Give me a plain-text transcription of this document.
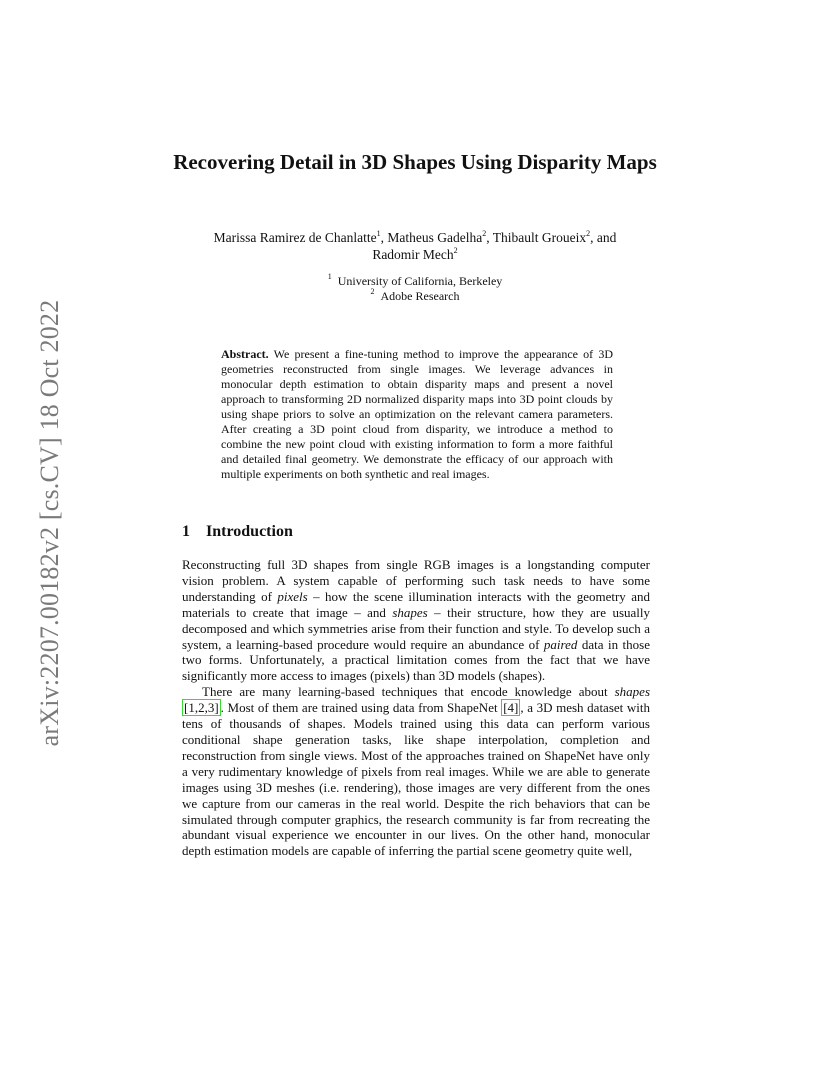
arXiv:2207.00182v2 [cs.CV] 18 Oct 2022
Recovering Detail in 3D Shapes Using Disparity Maps
Marissa Ramirez de Chanlatte$^1$, Matheus Gadelha$^2$, Thibault Groueix$^2$, and
Radomir Mech$^2$
$^1$ University of California, Berkeley
$^2$ Adobe Research
Abstract. We present a fine-tuning method to improve the appearance of 3D geometries reconstructed from single images. We leverage advances in monocular depth estimation to obtain disparity maps and present a novel approach to transforming 2D normalized disparity maps into 3D point clouds by using shape priors to solve an optimization on the relevant camera parameters. After creating a 3D point cloud from disparity, we introduce a method to combine the new point cloud with existing information to form a more faithful and detailed final geometry. We demonstrate the efficacy of our approach with multiple experiments on both synthetic and real images.
1 Introduction

Reconstructing full 3D shapes from single RGB images is a longstanding computer vision problem. A system capable of performing such task needs to have some understanding of pixels – how the scene illumination interacts with the geometry and materials to create that image – and shapes – their structure, how they are usually decomposed and which symmetries arise from their function and style. To develop such a system, a learning-based procedure would require an abundance of paired data in those two forms. Unfortunately, a practical limitation comes from the fact that we have significantly more access to images (pixels) than 3D models (shapes).

There are many learning-based techniques that encode knowledge about shapes [1,2,3] . Most of them are trained using data from ShapeNet [4] , a 3D mesh dataset with tens of thousands of shapes. Models trained using this data can perform various conditional shape generation tasks, like shape interpolation, completion and reconstruction from single views. Most of the approaches trained on ShapeNet have only a very rudimentary knowledge of pixels from real images. While we are able to generate images using 3D meshes (i.e. rendering), those images are very different from the ones we capture from our cameras in the real world. Despite the rich behaviors that can be simulated through computer graphics, the research community is far from recreating the abundant visual experience we encounter in our lives. On the other hand, monocular depth estimation models are capable of inferring the partial scene geometry quite well,
